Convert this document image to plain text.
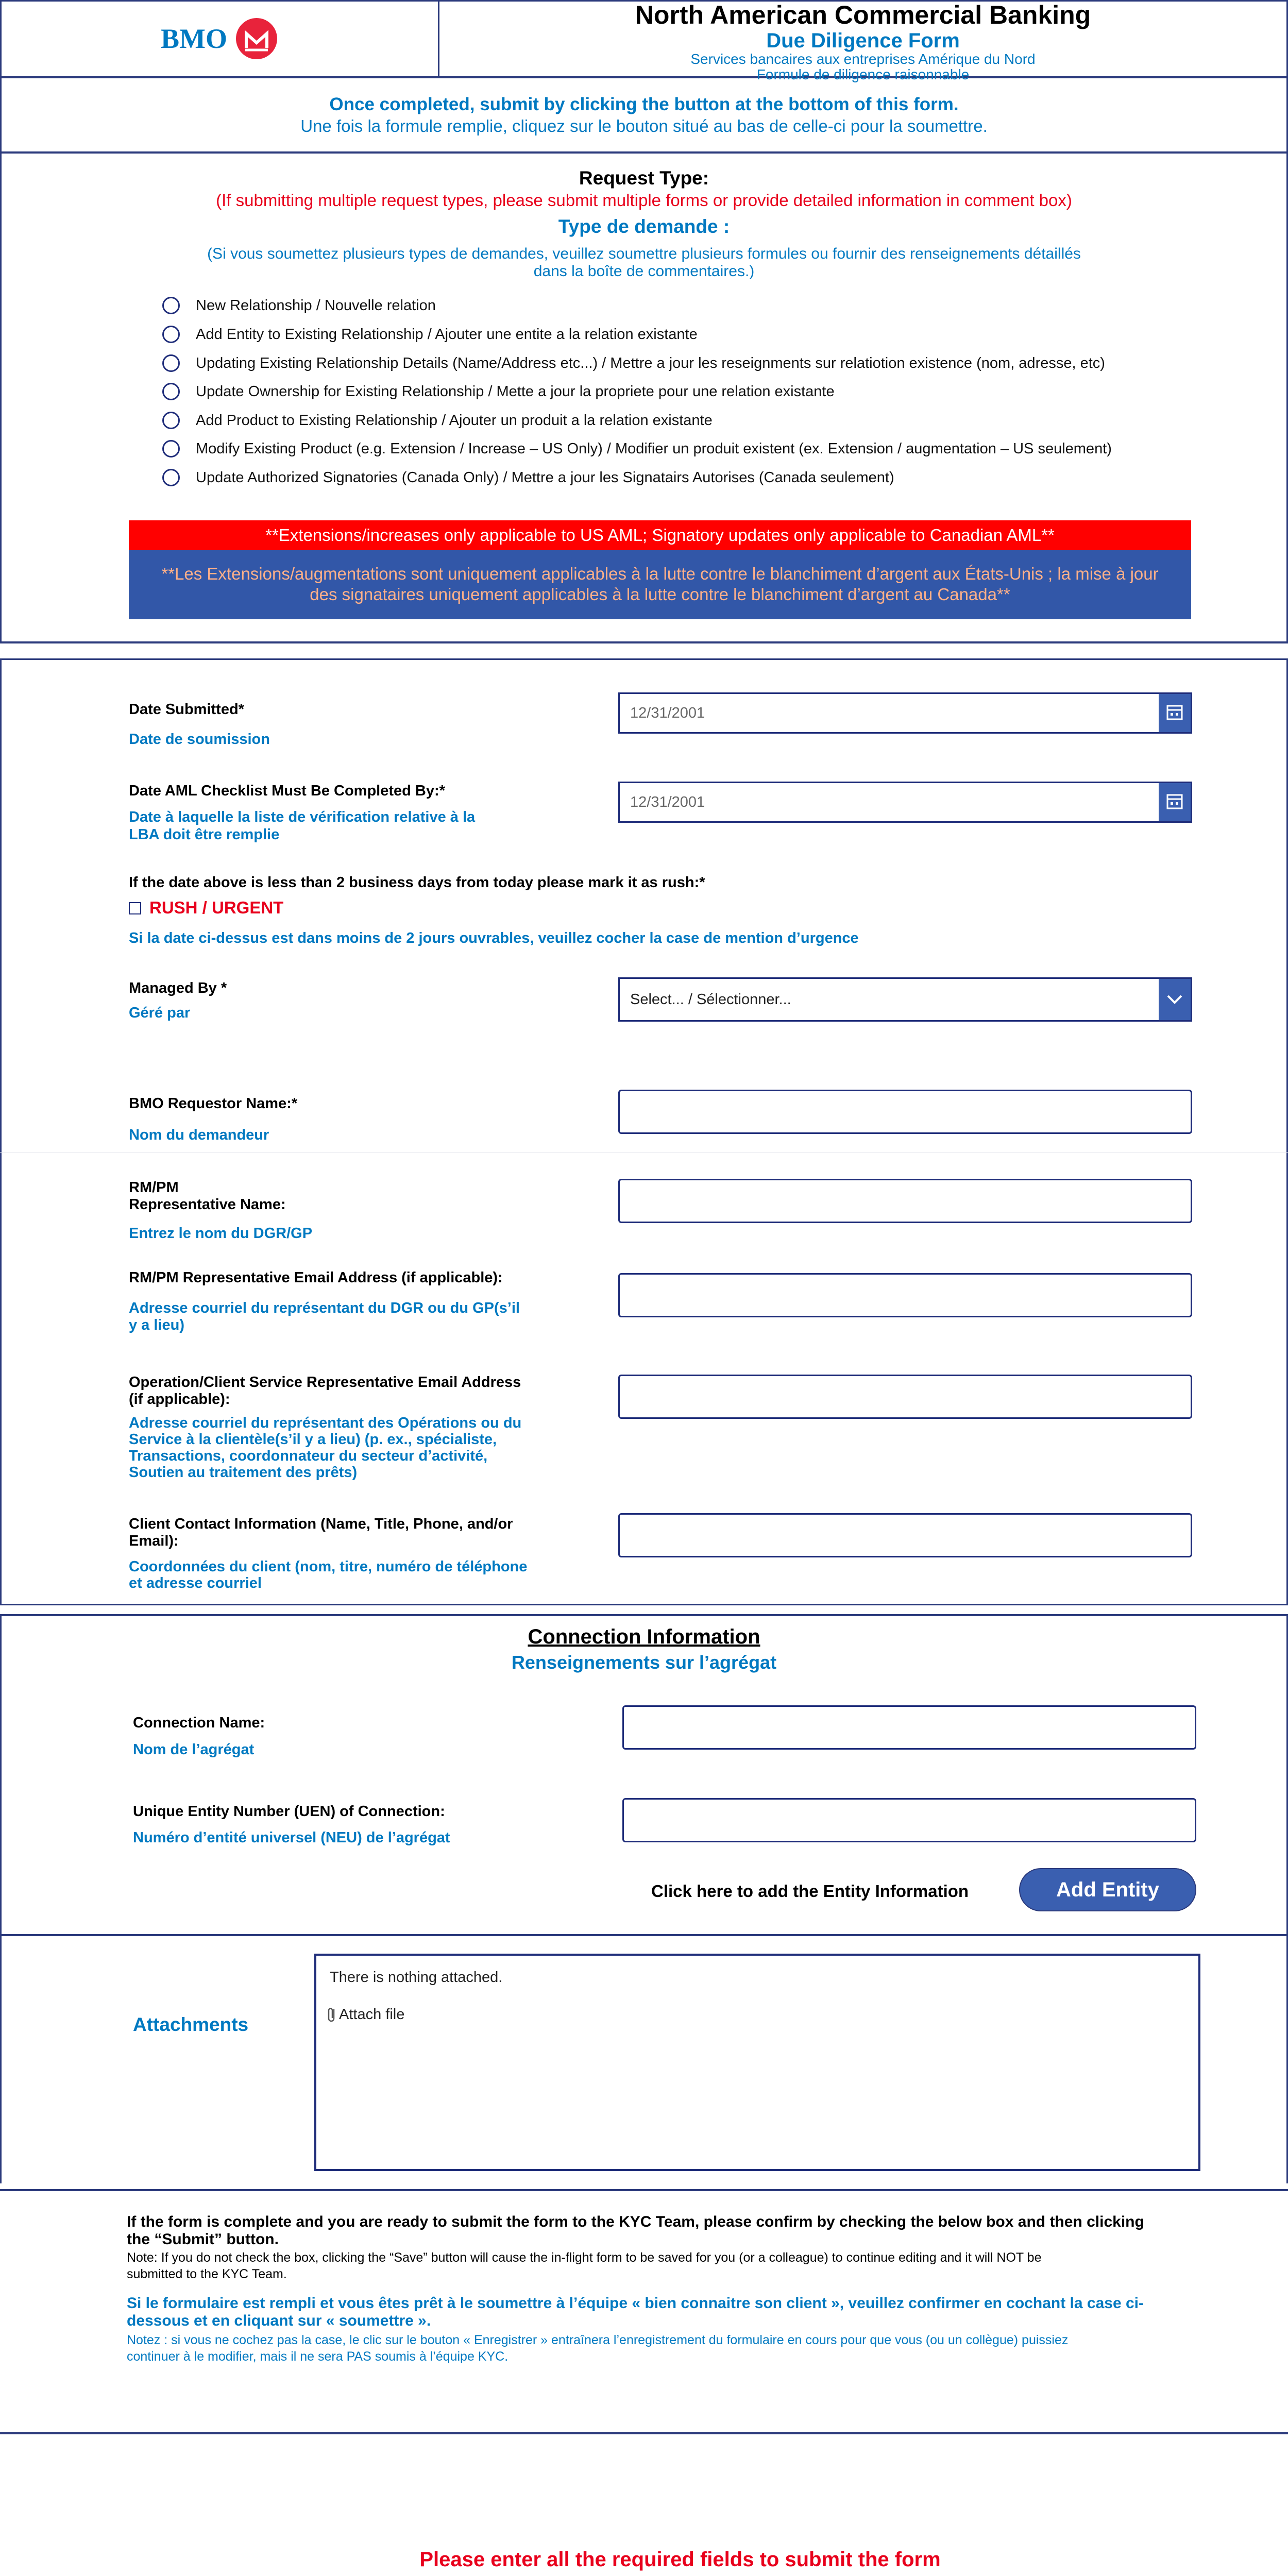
BMO
North American Commercial Banking
Due Diligence Form
Services bancaires aux entreprises Amérique du Nord
Formule de diligence raisonnable
Once completed, submit by clicking the button at the bottom of this form.
Une fois la formule remplie, cliquez sur le bouton situé au bas de celle-ci pour la soumettre.
Request Type:
(If submitting multiple request types, please submit multiple forms or provide detailed information in comment box)
Type de demande :
(Si vous soumettez plusieurs types de demandes, veuillez soumettre plusieurs formules ou fournir des renseignements détaillés
dans la boîte de commentaires.)
New Relationship / Nouvelle relation
Add Entity to Existing Relationship / Ajouter une entite a la relation existante
Updating Existing Relationship Details (Name/Address etc...) / Mettre a jour les reseignments sur relatiotion existence (nom, adresse, etc)
Update Ownership for Existing Relationship / Mette a jour la propriete pour une relation existante
Add Product to Existing Relationship / Ajouter un produit a la relation existante
Modify Existing Product (e.g. Extension / Increase – US Only) / Modifier un produit existent (ex. Extension / augmentation – US seulement)
Update Authorized Signatories (Canada Only) / Mettre a jour les Signatairs Autorises (Canada seulement)
**Extensions/increases only applicable to US AML; Signatory updates only applicable to Canadian AML**
**Les Extensions/augmentations sont uniquement applicables à la lutte contre le blanchiment d’argent aux États-Unis ; la mise à jour
des signataires uniquement applicables à la lutte contre le blanchiment d’argent au Canada**
Date Submitted*
Date de soumission
12/31/2001
Date AML Checklist Must Be Completed By:*
Date à laquelle la liste de vérification relative à la
LBA doit être remplie
12/31/2001
If the date above is less than 2 business days from today please mark it as rush:*
RUSH / URGENT
Si la date ci-dessus est dans moins de 2 jours ouvrables, veuillez cocher la case de mention d’urgence
Managed By *
Géré par
Select... / Sélectionner...
BMO Requestor Name:*
Nom du demandeur
RM/PM
Representative Name:
Entrez le nom du DGR/GP
RM/PM Representative Email Address (if applicable):
Adresse courriel du représentant du DGR ou du GP(s’il
y a lieu)
Operation/Client Service Representative Email Address
(if applicable):
Adresse courriel du représentant des Opérations ou du
Service à la clientèle(s’il y a lieu) (p. ex., spécialiste,
Transactions, coordonnateur du secteur d’activité,
Soutien au traitement des prêts)
Client Contact Information (Name, Title, Phone, and/or
Email):
Coordonnées du client (nom, titre, numéro de téléphone
et adresse courriel
Connection Information
Renseignements sur l’agrégat
Connection Name:
Nom de l’agrégat
Unique Entity Number (UEN) of Connection:
Numéro d’entité universel (NEU) de l’agrégat
Click here to add the Entity Information	Add Entity
Attachments
There is nothing attached.
Attach file
If the form is complete and you are ready to submit the form to the KYC Team, please confirm by checking the below box and then clicking
the “Submit” button.
Note: If you do not check the box, clicking the “Save” button will cause the in-flight form to be saved for you (or a colleague) to continue editing and it will NOT be
submitted to the KYC Team.
Si le formulaire est rempli et vous êtes prêt à le soumettre à l’équipe « bien connaitre son client », veuillez confirmer en cochant la case ci-
dessous et en cliquant sur « soumettre ».
Notez : si vous ne cochez pas la case, le clic sur le bouton « Enregistrer » entraînera l’enregistrement du formulaire en cours pour que vous (ou un collègue) puissiez
continuer à le modifier, mais il ne sera PAS soumis à l’équipe KYC.
Please enter all the required fields to submit the form
